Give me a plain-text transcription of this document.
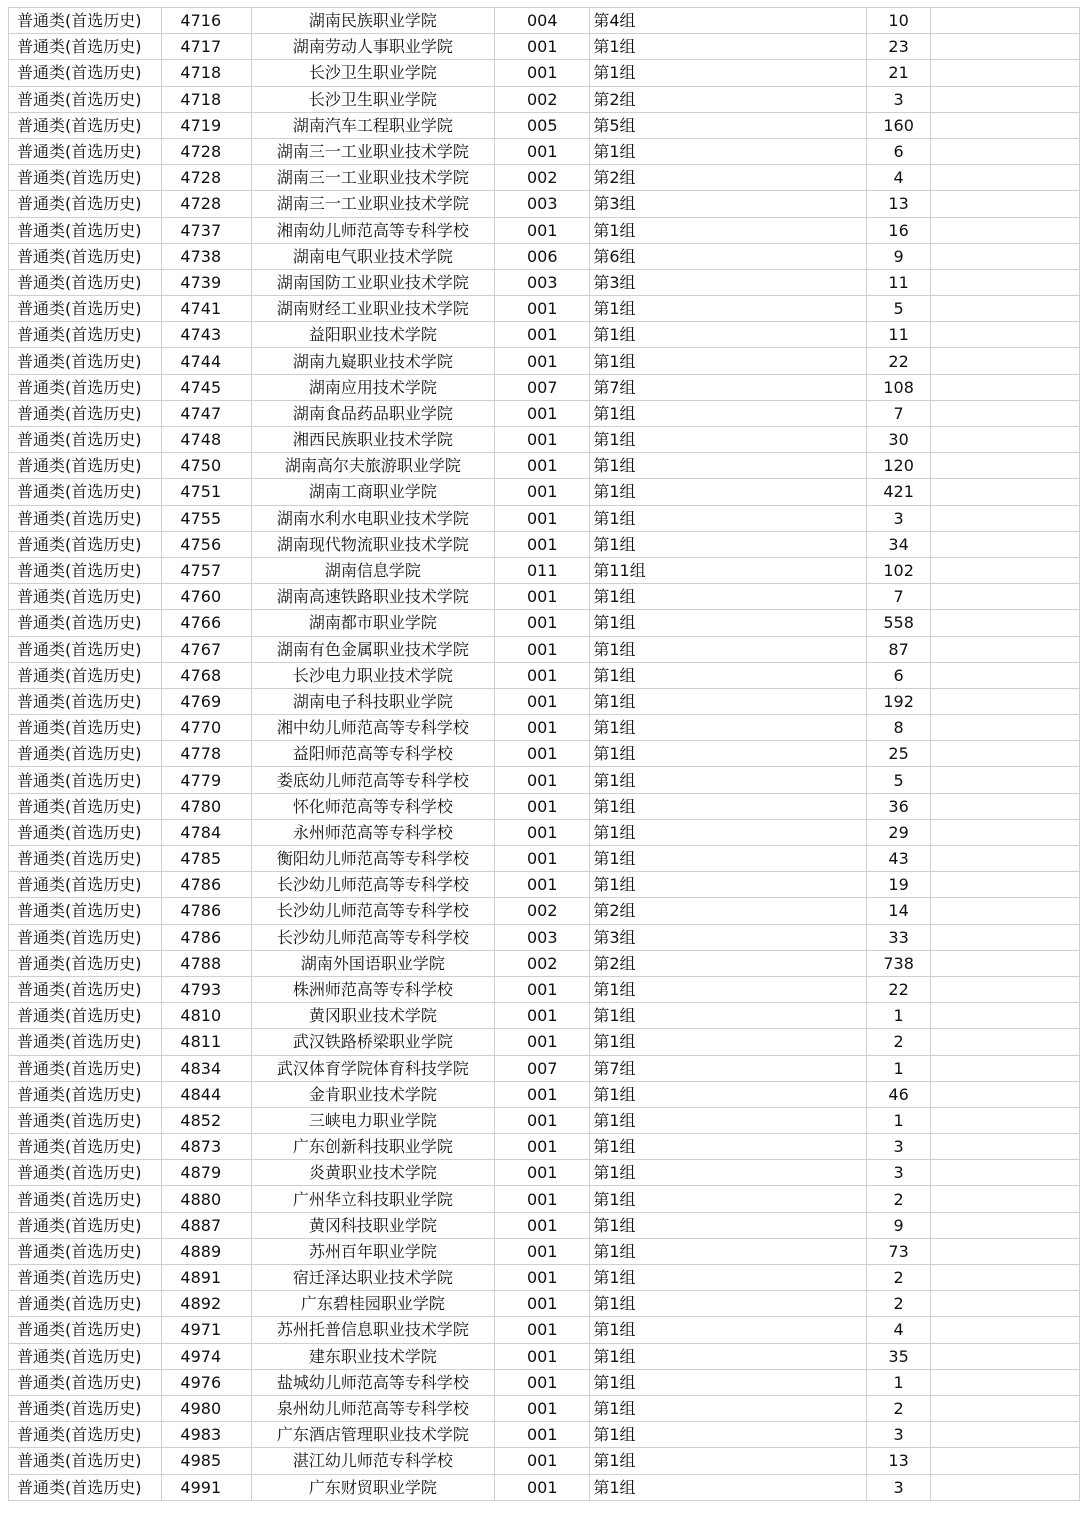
普通类(首选历史)	4716	湖南民族职业学院	004	第4组	10	
普通类(首选历史)	4717	湖南劳动人事职业学院	001	第1组	23	
普通类(首选历史)	4718	长沙卫生职业学院	001	第1组	21	
普通类(首选历史)	4718	长沙卫生职业学院	002	第2组	3	
普通类(首选历史)	4719	湖南汽车工程职业学院	005	第5组	160	
普通类(首选历史)	4728	湖南三一工业职业技术学院	001	第1组	6	
普通类(首选历史)	4728	湖南三一工业职业技术学院	002	第2组	4	
普通类(首选历史)	4728	湖南三一工业职业技术学院	003	第3组	13	
普通类(首选历史)	4737	湘南幼儿师范高等专科学校	001	第1组	16	
普通类(首选历史)	4738	湖南电气职业技术学院	006	第6组	9	
普通类(首选历史)	4739	湖南国防工业职业技术学院	003	第3组	11	
普通类(首选历史)	4741	湖南财经工业职业技术学院	001	第1组	5	
普通类(首选历史)	4743	益阳职业技术学院	001	第1组	11	
普通类(首选历史)	4744	湖南九嶷职业技术学院	001	第1组	22	
普通类(首选历史)	4745	湖南应用技术学院	007	第7组	108	
普通类(首选历史)	4747	湖南食品药品职业学院	001	第1组	7	
普通类(首选历史)	4748	湘西民族职业技术学院	001	第1组	30	
普通类(首选历史)	4750	湖南高尔夫旅游职业学院	001	第1组	120	
普通类(首选历史)	4751	湖南工商职业学院	001	第1组	421	
普通类(首选历史)	4755	湖南水利水电职业技术学院	001	第1组	3	
普通类(首选历史)	4756	湖南现代物流职业技术学院	001	第1组	34	
普通类(首选历史)	4757	湖南信息学院	011	第11组	102	
普通类(首选历史)	4760	湖南高速铁路职业技术学院	001	第1组	7	
普通类(首选历史)	4766	湖南都市职业学院	001	第1组	558	
普通类(首选历史)	4767	湖南有色金属职业技术学院	001	第1组	87	
普通类(首选历史)	4768	长沙电力职业技术学院	001	第1组	6	
普通类(首选历史)	4769	湖南电子科技职业学院	001	第1组	192	
普通类(首选历史)	4770	湘中幼儿师范高等专科学校	001	第1组	8	
普通类(首选历史)	4778	益阳师范高等专科学校	001	第1组	25	
普通类(首选历史)	4779	娄底幼儿师范高等专科学校	001	第1组	5	
普通类(首选历史)	4780	怀化师范高等专科学校	001	第1组	36	
普通类(首选历史)	4784	永州师范高等专科学校	001	第1组	29	
普通类(首选历史)	4785	衡阳幼儿师范高等专科学校	001	第1组	43	
普通类(首选历史)	4786	长沙幼儿师范高等专科学校	001	第1组	19	
普通类(首选历史)	4786	长沙幼儿师范高等专科学校	002	第2组	14	
普通类(首选历史)	4786	长沙幼儿师范高等专科学校	003	第3组	33	
普通类(首选历史)	4788	湖南外国语职业学院	002	第2组	738	
普通类(首选历史)	4793	株洲师范高等专科学校	001	第1组	22	
普通类(首选历史)	4810	黄冈职业技术学院	001	第1组	1	
普通类(首选历史)	4811	武汉铁路桥梁职业学院	001	第1组	2	
普通类(首选历史)	4834	武汉体育学院体育科技学院	007	第7组	1	
普通类(首选历史)	4844	金肯职业技术学院	001	第1组	46	
普通类(首选历史)	4852	三峡电力职业学院	001	第1组	1	
普通类(首选历史)	4873	广东创新科技职业学院	001	第1组	3	
普通类(首选历史)	4879	炎黄职业技术学院	001	第1组	3	
普通类(首选历史)	4880	广州华立科技职业学院	001	第1组	2	
普通类(首选历史)	4887	黄冈科技职业学院	001	第1组	9	
普通类(首选历史)	4889	苏州百年职业学院	001	第1组	73	
普通类(首选历史)	4891	宿迁泽达职业技术学院	001	第1组	2	
普通类(首选历史)	4892	广东碧桂园职业学院	001	第1组	2	
普通类(首选历史)	4971	苏州托普信息职业技术学院	001	第1组	4	
普通类(首选历史)	4974	建东职业技术学院	001	第1组	35	
普通类(首选历史)	4976	盐城幼儿师范高等专科学校	001	第1组	1	
普通类(首选历史)	4980	泉州幼儿师范高等专科学校	001	第1组	2	
普通类(首选历史)	4983	广东酒店管理职业技术学院	001	第1组	3	
普通类(首选历史)	4985	湛江幼儿师范专科学校	001	第1组	13	
普通类(首选历史)	4991	广东财贸职业学院	001	第1组	3	
